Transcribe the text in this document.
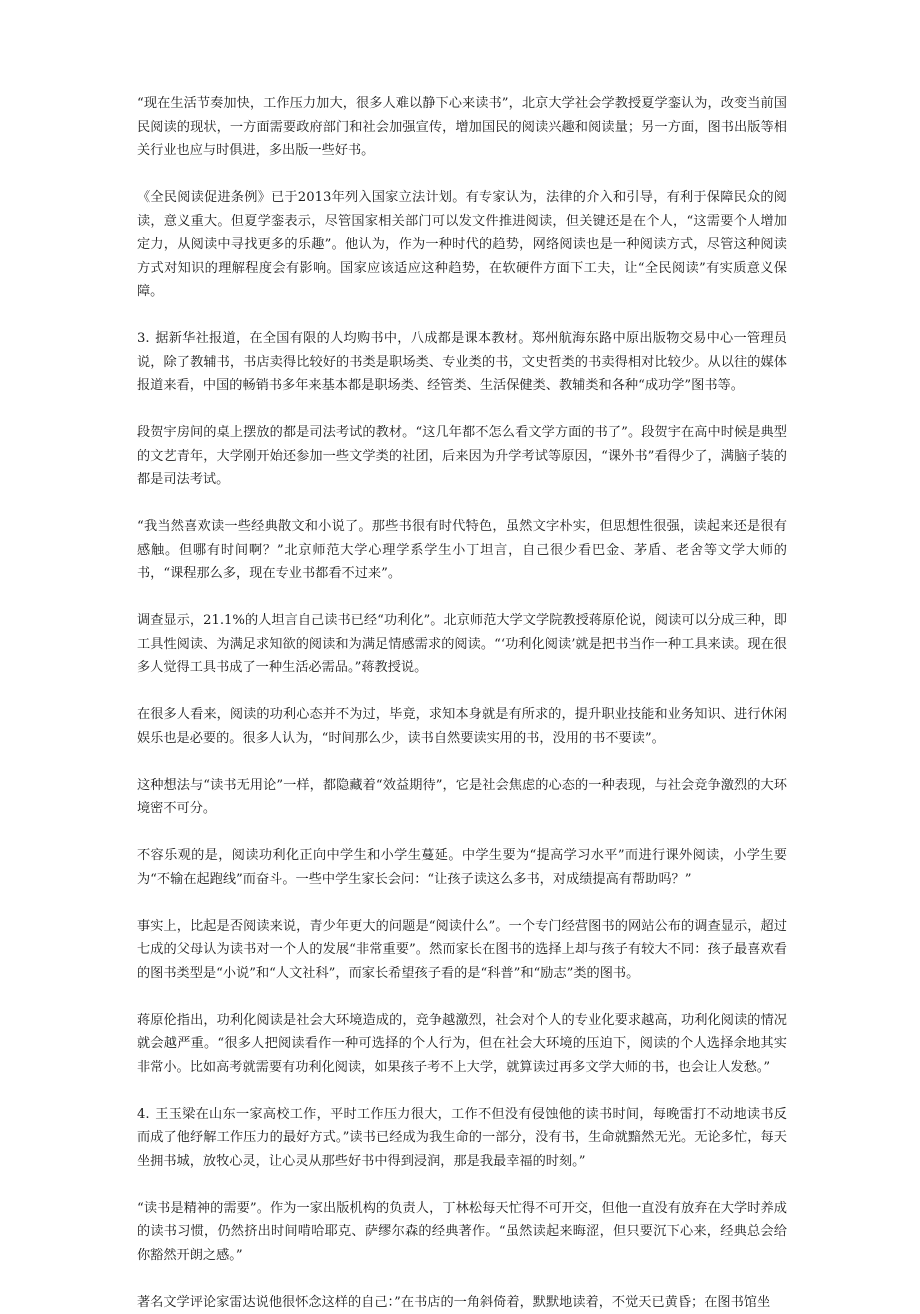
“现在生活节奏加快，工作压力加大，很多人难以静下心来读书”，北京大学社会学教授夏学銮认为，改变当前国民阅读的现状，一方面需要政府部门和社会加强宣传，增加国民的阅读兴趣和阅读量；另一方面，图书出版等相关行业也应与时俱进，多出版一些好书。

《全民阅读促进条例》已于2013年列入国家立法计划。有专家认为，法律的介入和引导，有利于保障民众的阅读，意义重大。但夏学銮表示，尽管国家相关部门可以发文件推进阅读，但关键还是在个人，“这需要个人增加定力，从阅读中寻找更多的乐趣”。他认为，作为一种时代的趋势，网络阅读也是一种阅读方式，尽管这种阅读方式对知识的理解程度会有影响。国家应该适应这种趋势，在软硬件方面下工夫，让“全民阅读”有实质意义保障。

3. 据新华社报道，在全国有限的人均购书中，八成都是课本教材。郑州航海东路中原出版物交易中心一管理员说，除了教辅书，书店卖得比较好的书类是职场类、专业类的书，文史哲类的书卖得相对比较少。从以往的媒体报道来看，中国的畅销书多年来基本都是职场类、经管类、生活保健类、教辅类和各种“成功学”图书等。

段贺宇房间的桌上摆放的都是司法考试的教材。“这几年都不怎么看文学方面的书了”。段贺宇在高中时候是典型的文艺青年，大学刚开始还参加一些文学类的社团，后来因为升学考试等原因，“课外书”看得少了，满脑子装的都是司法考试。

“我当然喜欢读一些经典散文和小说了。那些书很有时代特色，虽然文字朴实，但思想性很强，读起来还是很有感触。但哪有时间啊？”北京师范大学心理学系学生小丁坦言，自己很少看巴金、茅盾、老舍等文学大师的书，“课程那么多，现在专业书都看不过来”。

调查显示，21.1%的人坦言自己读书已经“功利化”。北京师范大学文学院教授蒋原伦说，阅读可以分成三种，即工具性阅读、为满足求知欲的阅读和为满足情感需求的阅读。“‘功利化阅读’就是把书当作一种工具来读。现在很多人觉得工具书成了一种生活必需品。”蒋教授说。

在很多人看来，阅读的功利心态并不为过，毕竟，求知本身就是有所求的，提升职业技能和业务知识、进行休闲娱乐也是必要的。很多人认为，“时间那么少，读书自然要读实用的书，没用的书不要读”。

这种想法与“读书无用论”一样，都隐藏着“效益期待”，它是社会焦虑的心态的一种表现，与社会竞争激烈的大环境密不可分。

不容乐观的是，阅读功利化正向中学生和小学生蔓延。中学生要为“提高学习水平”而进行课外阅读，小学生要为“不输在起跑线”而奋斗。一些中学生家长会问：“让孩子读这么多书，对成绩提高有帮助吗？”

事实上，比起是否阅读来说，青少年更大的问题是“阅读什么”。一个专门经营图书的网站公布的调查显示，超过七成的父母认为读书对一个人的发展“非常重要”。然而家长在图书的选择上却与孩子有较大不同：孩子最喜欢看的图书类型是“小说”和“人文社科”，而家长希望孩子看的是“科普”和“励志”类的图书。

蒋原伦指出，功利化阅读是社会大环境造成的，竞争越激烈，社会对个人的专业化要求越高，功利化阅读的情况就会越严重。“很多人把阅读看作一种可选择的个人行为，但在社会大环境的压迫下，阅读的个人选择余地其实非常小。比如高考就需要有功利化阅读，如果孩子考不上大学，就算读过再多文学大师的书，也会让人发愁。”

4. 王玉梁在山东一家高校工作，平时工作压力很大，工作不但没有侵蚀他的读书时间，每晚雷打不动地读书反而成了他纾解工作压力的最好方式。”读书已经成为我生命的一部分，没有书，生命就黯然无光。无论多忙，每天坐拥书城，放牧心灵，让心灵从那些好书中得到浸润，那是我最幸福的时刻。”

“读书是精神的需要”。作为一家出版机构的负责人，丁林松每天忙得不可开交，但他一直没有放弃在大学时养成的读书习惯，仍然挤出时间啃哈耶克、萨缪尔森的经典著作。“虽然读起来晦涩，但只要沉下心来，经典总会给你豁然开朗之感。”

著名文学评论家雷达说他很怀念这样的自己：”在书店的一角斜倚着，默默地读着，不觉天已黄昏；在图书馆坐
